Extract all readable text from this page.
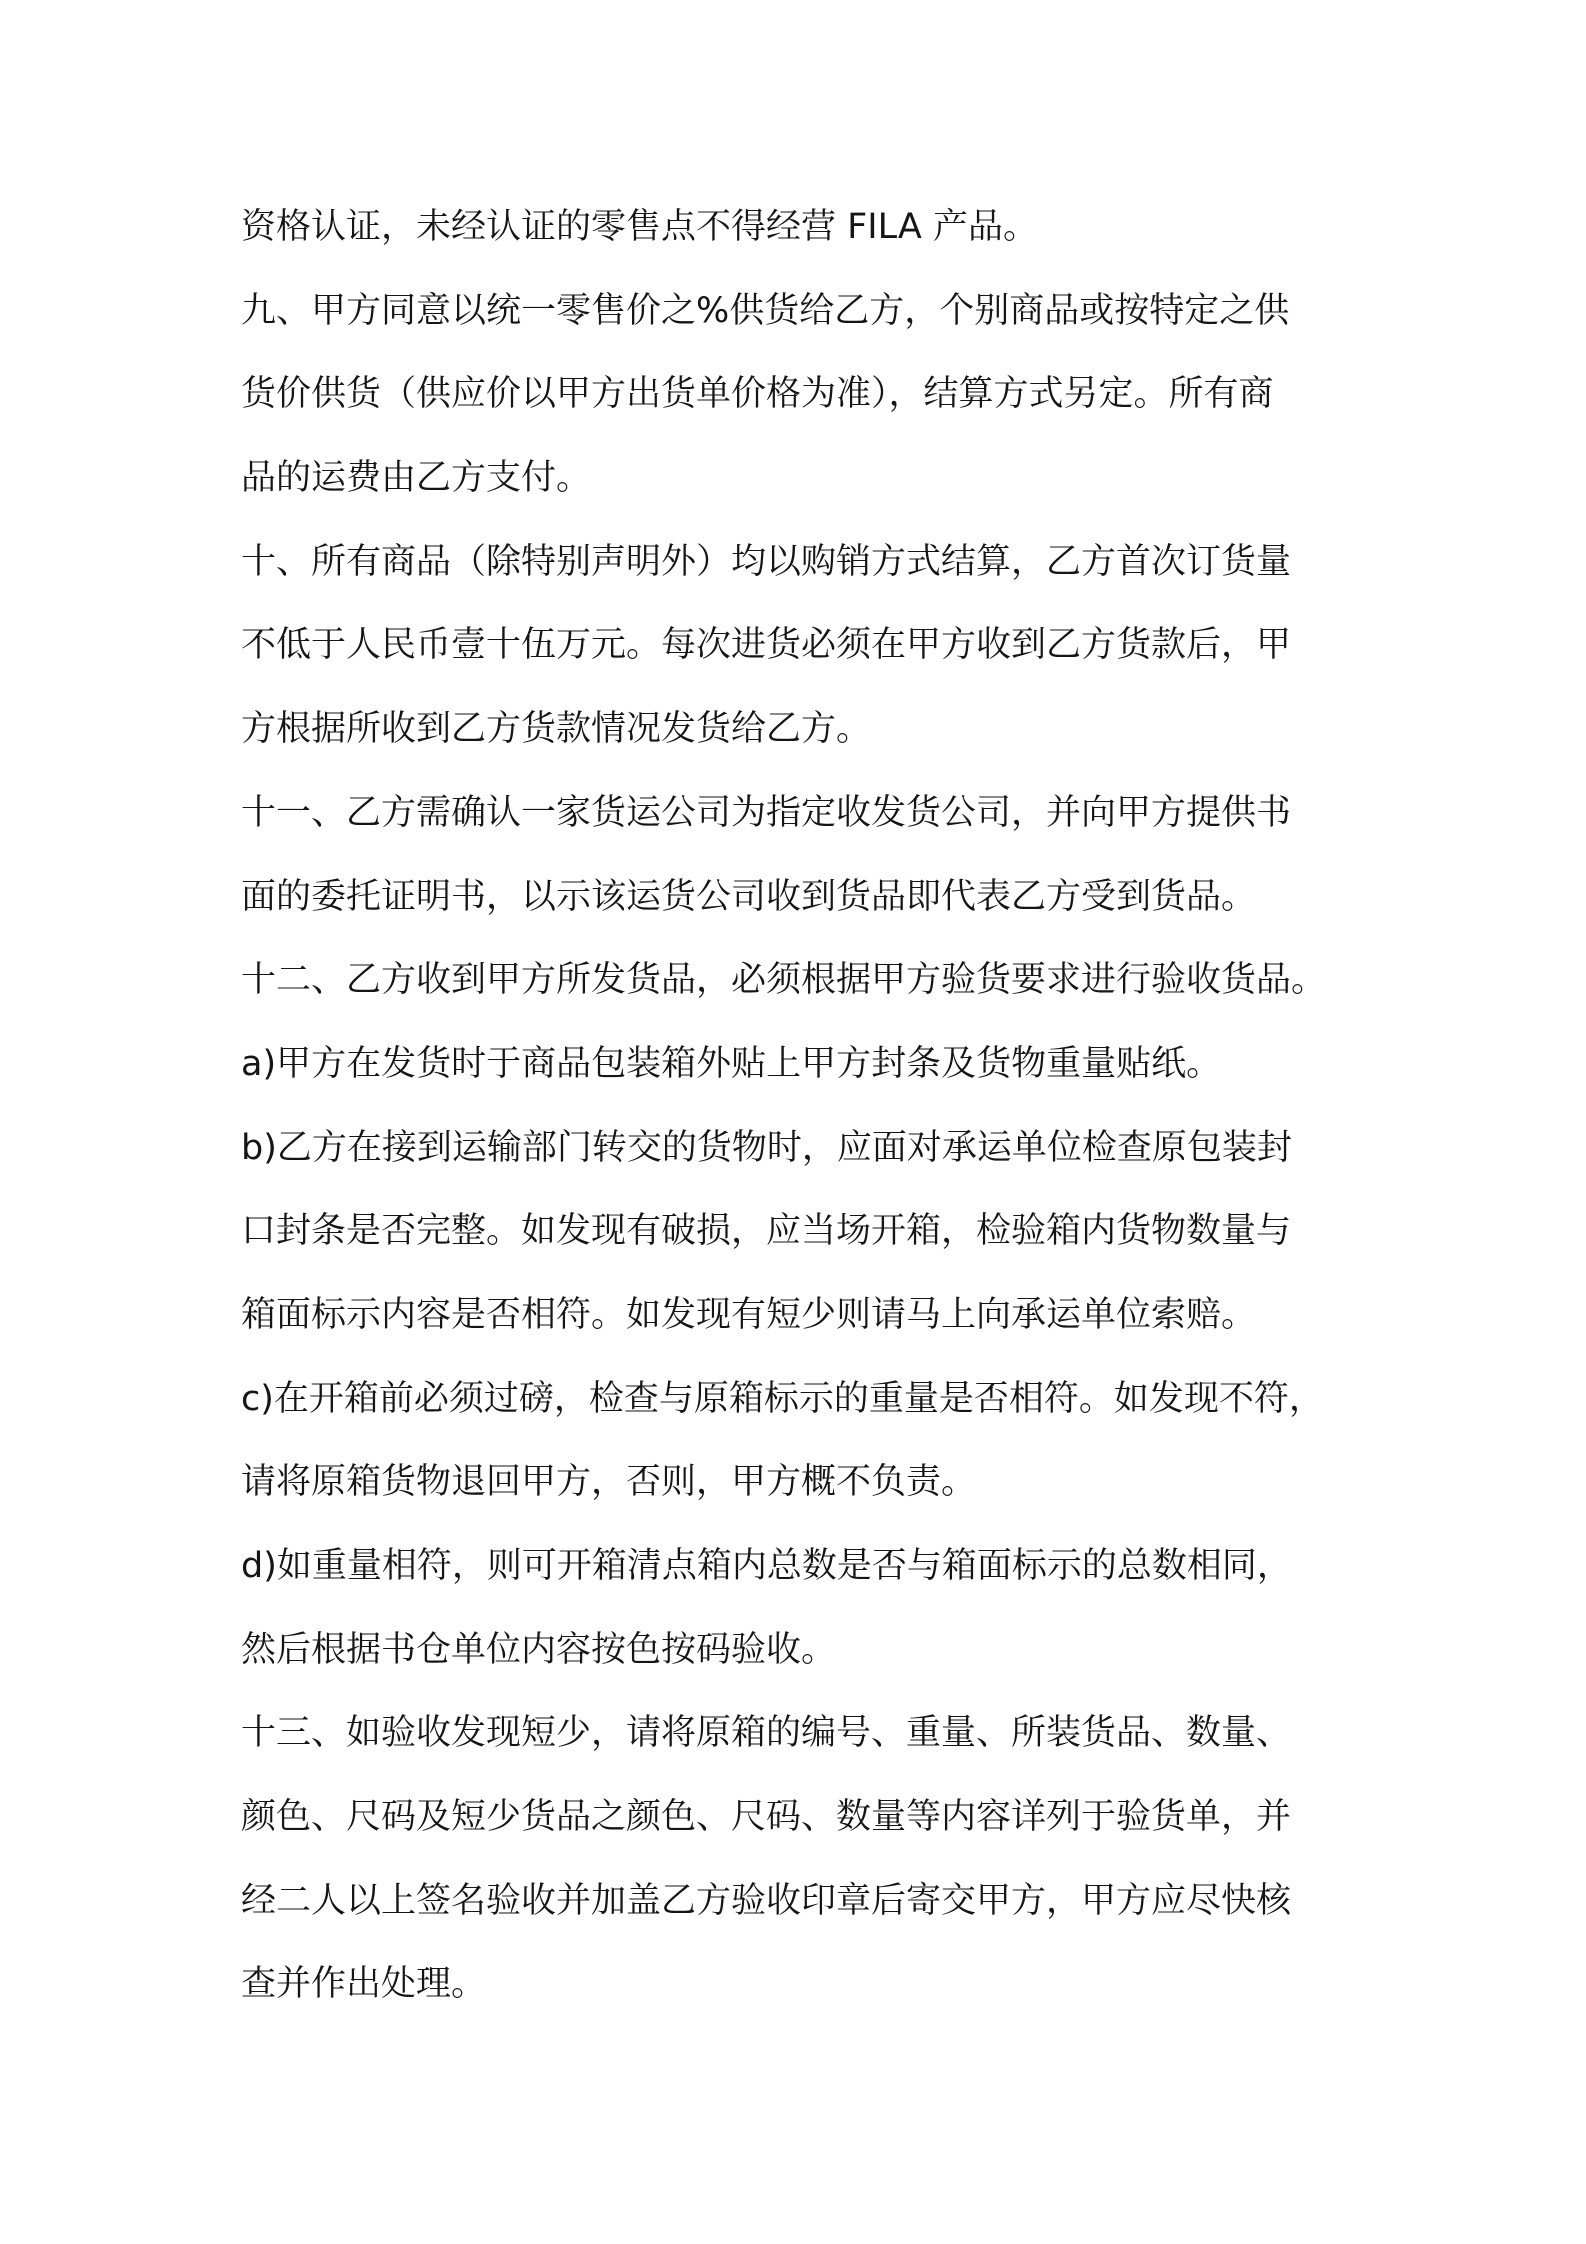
资格认证，未经认证的零售点不得经营 FILA 产品。
九、甲方同意以统一零售价之%供货给乙方，个别商品或按特定之供
货价供货（供应价以甲方出货单价格为准），结算方式另定。所有商
品的运费由乙方支付。
十、所有商品（除特别声明外）均以购销方式结算，乙方首次订货量
不低于人民币壹十伍万元。每次进货必须在甲方收到乙方货款后，甲
方根据所收到乙方货款情况发货给乙方。
十一、乙方需确认一家货运公司为指定收发货公司，并向甲方提供书
面的委托证明书，以示该运货公司收到货品即代表乙方受到货品。
十二、乙方收到甲方所发货品，必须根据甲方验货要求进行验收货品。
a)甲方在发货时于商品包装箱外贴上甲方封条及货物重量贴纸。
b)乙方在接到运输部门转交的货物时，应面对承运单位检查原包装封
口封条是否完整。如发现有破损，应当场开箱，检验箱内货物数量与
箱面标示内容是否相符。如发现有短少则请马上向承运单位索赔。
c)在开箱前必须过磅，检查与原箱标示的重量是否相符。如发现不符，
请将原箱货物退回甲方，否则，甲方概不负责。
d)如重量相符，则可开箱清点箱内总数是否与箱面标示的总数相同，
然后根据书仓单位内容按色按码验收。
十三、如验收发现短少，请将原箱的编号、重量、所装货品、数量、
颜色、尺码及短少货品之颜色、尺码、数量等内容详列于验货单，并
经二人以上签名验收并加盖乙方验收印章后寄交甲方，甲方应尽快核
查并作出处理。
